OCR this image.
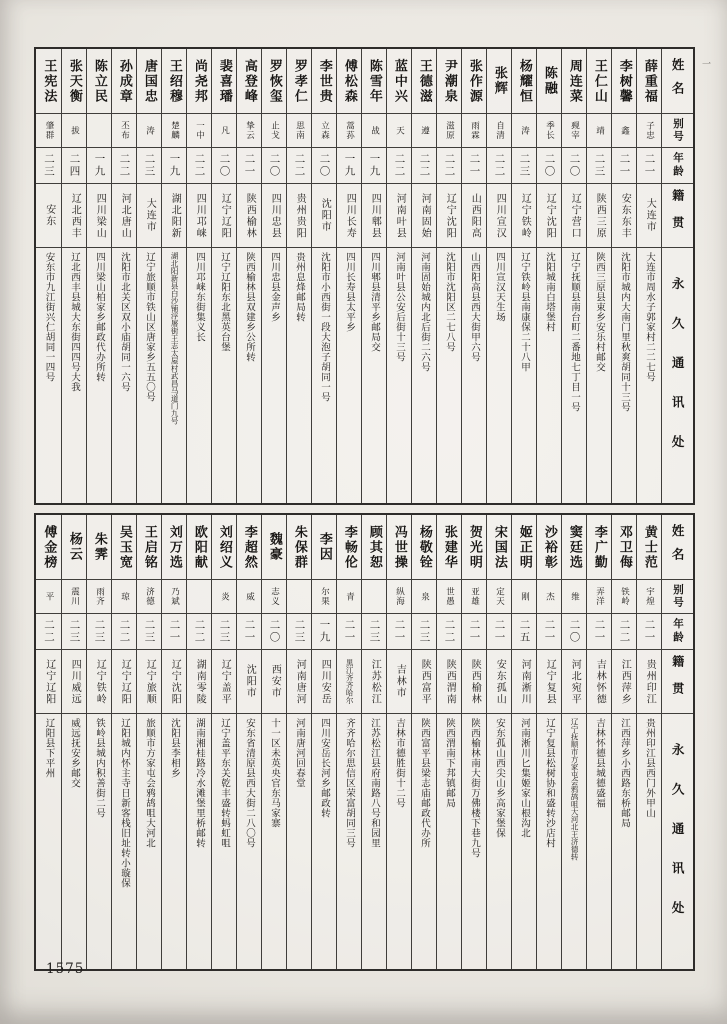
一
姓名
别号
年龄
籍贯
永久通讯处
薛重福
子忠
二一
大连市
大连市周水子郭家村二二七号
李树馨
鑫
二一
安东东丰
沈阳市城内大南门里秋爽胡同十三号
王仁山
靖
二三
陕西三原
陕西三原县束乡安乐村邮交
周连菜
觋宰
二〇
辽宁营口
辽宁抚顺县南台町二番地七丁目一号
陈融
季长
二〇
辽宁沈阳
沈阳城南白塔堡村
杨耀恒
涛
二三
辽宁铁岭
辽宁铁岭县南康保二十八甲
张辉
自清
二二
四川宣汉
四川宣汉天生场
张作源
雨霖
二一
山西阳高
山西阳高县西大街甲六号
尹潮泉
滋原
二二
辽宁沈阳
沈阳市沈阳区二七八号
王德滋
遵
二二
河南固始
河南固始城内北后街二六号
蓝中兴
天
二二
河南叶县
河南叶县公安后街十三号
陈雪年
战
一九
四川郫县
四川郫县清平乡邮局交
傅松森
蒿荪
一九
四川长寿
四川长寿县太平乡
李世贵
立森
二〇
沈阳市
沈阳市小西街一段大泡子胡同一号
罗孝仁
思南
二二
贵州贵阳
贵州息烽邮局转
罗恢玺
止戈
二〇
四川忠县
四川忠县金声乡
高登峰
挚云
二一
陕西榆林
陕西榆林县双建乡公所转
裴喜璠
凡
二〇
辽宁辽阳
辽宁辽阳东北黑英台堡
尚尧邦
一中
二二
四川邛崃
四川邛崃东街集义长
王绍穆
楚麟
一九
湖北阳新
湖北阳新县白沙铺浮屠街王志太屋村武昌马道门九号
唐国忠
涛
二三
大连市
辽宁旅顺市铁山区唐家乡五五〇号
孙成章
丕布
二二
河北唐山
沈阳市北关区双小庙胡同一六号
陈立民
一九
四川梁山
四川梁山柏家乡邮政代办所转
张天衡
拔
二四
辽北西丰
辽北西丰县城大东街四四号大我
王宪法
肇群
二三
安东
安东市九江街兴仁胡同一四号
姓名
别号
年龄
籍贯
永久通讯处
黄士范
宇煌
二一
贵州印江
贵州印江县西门外甲山
邓卫侮
铁岭
二二
江西萍乡
江西萍乡小西路东桥邮局
李广勤
弄洋
二一
吉林怀德
吉林怀德县城德盛福
窦廷选
维
二〇
河北宛平
辽宁抚顺市方家屯会鸦鸪咀大河北王济德转
沙裕彰
杰
二一
辽宁复县
辽宁复县松树协和盛转沙店村
姬正明
刚
二五
河南淅川
河南淅川匕集姬家山根沟北
宋国法
定天
二一
安东孤山
安东孤山西尖山乡高家堡保
贺光明
亚雄
二一
陕西榆林
陕西榆林南大街万佛楼下巷九号
张建华
世愚
二二
陕西渭南
陕西渭南下邦镇邮局
杨敬铨
泉
二三
陕西富平
陕西富平县梁志庙邮政代办所
冯世操
纵海
二一
吉林市
吉林市德胜街十二号
顾其恕
二三
江苏松江
江苏松江县府南路八号和园里
李畅伦
青
二一
黑江齐齐哈尔
齐齐哈尔思信区荣富胡同三号
李因
尔果
一九
四川安岳
四川安岳长河乡邮政转
朱保群
二三
河南唐河
河南唐河回春堂
魏豪
志义
二〇
西安市
十一区未英央官东马家寨
李超然
威
二一
沈阳市
安东省清原县西大街二八〇号
刘绍义
炎
二三
辽宁盖平
辽宁盖平东关乾丰盛转蚂虹咀
欧阳献
二二
湖南零陵
湖南湘桂路冷水滩堡里桥邮转
刘万选
乃斌
二一
辽宁沈阳
沈阳县李相乡
王启铭
济德
二三
辽宁旅顺
旅顺市方家屯会鸦鸪咀大河北
吴玉宽
琼
二二
辽宁辽阳
辽阳城内怀主寺日新客栈旧址转小璇保
朱霁
雨齐
二三
辽宁铁岭
铁岭县城内积善街二号
杨云
震川
二三
四川威远
威远抚安乡邮交
傅金榜
平
二二
辽宁辽阳
辽阳县下平州
1575
